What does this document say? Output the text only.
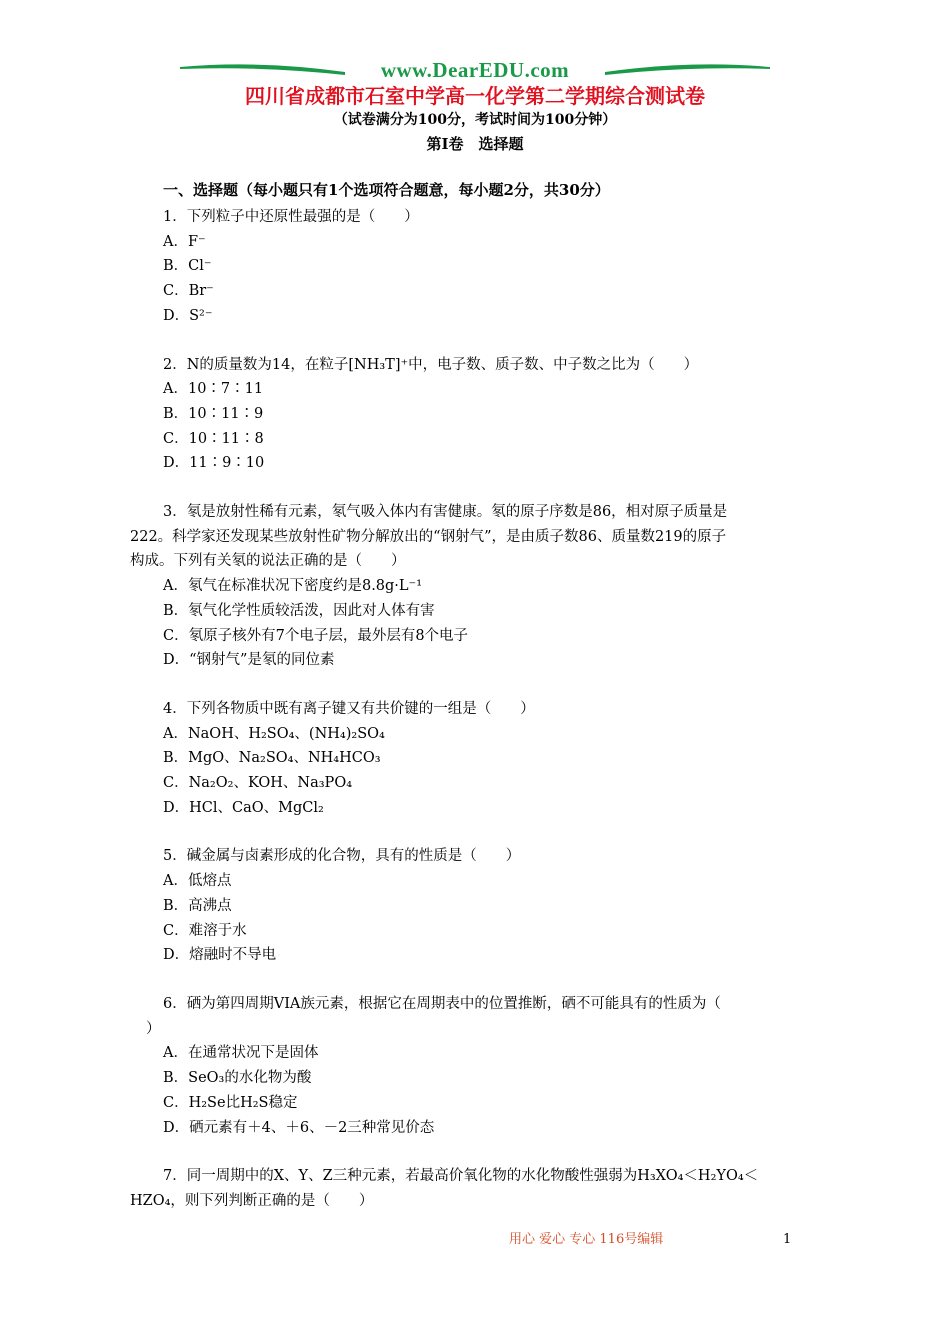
www.DearEDU.com
四川省成都市石室中学高一化学第二学期综合测试卷
（试卷满分为100分，考试时间为100分钟）
第Ⅰ卷　选择题
一、选择题（每小题只有1个选项符合题意，每小题2分，共30分）
1．下列粒子中还原性最强的是（　　）
A．F⁻
B．Cl⁻
C．Br⁻
D．S²⁻
2．N的质量数为14，在粒子[NH₃T]⁺中，电子数、质子数、中子数之比为（　　）
A．10∶7∶11
B．10∶11∶9
C．10∶11∶8
D．11∶9∶10
3．氡是放射性稀有元素，氡气吸入体内有害健康。氡的原子序数是86，相对原子质量是
222。科学家还发现某些放射性矿物分解放出的“钢射气”，是由质子数86、质量数219的原子
构成。下列有关氡的说法正确的是（　　）
A．氡气在标准状况下密度约是8.8g·L⁻¹
B．氡气化学性质较活泼，因此对人体有害
C．氡原子核外有7个电子层，最外层有8个电子
D．“钢射气”是氡的同位素
4．下列各物质中既有离子键又有共价键的一组是（　　）
A．NaOH、H₂SO₄、(NH₄)₂SO₄
B．MgO、Na₂SO₄、NH₄HCO₃
C．Na₂O₂、KOH、Na₃PO₄
D．HCl、CaO、MgCl₂
5．碱金属与卤素形成的化合物，具有的性质是（　　）
A．低熔点
B．高沸点
C．难溶于水
D．熔融时不导电
6．硒为第四周期VIA族元素，根据它在周期表中的位置推断，硒不可能具有的性质为（
）
A．在通常状况下是固体
B．SeO₃的水化物为酸
C．H₂Se比H₂S稳定
D．硒元素有＋4、＋6、－2三种常见价态
7．同一周期中的X、Y、Z三种元素，若最高价氧化物的水化物酸性强弱为H₃XO₄＜H₂YO₄＜
HZO₄，则下列判断正确的是（　　）
用心 爱心 专心 116号编辑	1
